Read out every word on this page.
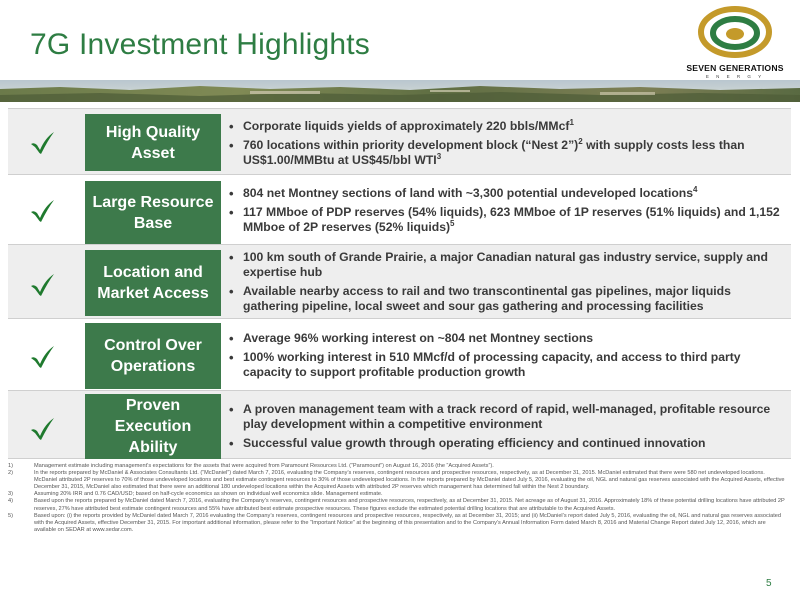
7G Investment Highlights
SEVEN GENERATIONS
E N E R G Y
High Quality Asset
• Corporate liquids yields of approximately 220 bbls/MMcf$^1$
• 760 locations within priority development block (“Nest 2”)$^2$ with supply costs less than US$1.00/MMBtu at US$45/bbl WTI$^3$
Large Resource Base
• 804 net Montney sections of land with ~3,300 potential undeveloped locations$^4$
• 117 MMboe of PDP reserves (54% liquids), 623 MMboe of 1P reserves (51% liquids) and 1,152 MMboe of 2P reserves (52% liquids)$^5$
Location and Market Access
• 100 km south of Grande Prairie, a major Canadian natural gas industry service, supply and expertise hub
• Available nearby access to rail and two transcontinental gas pipelines, major liquids gathering pipeline, local sweet and sour gas gathering and processing facilities
Control Over Operations
• Average 96% working interest on ~804 net Montney sections
• 100% working interest in 510 MMcf/d of processing capacity, and access to third party capacity to support profitable production growth
Proven Execution Ability
• A proven management team with a track record of rapid, well-managed, profitable resource play development within a competitive environment
• Successful value growth through operating efficiency and continued innovation
1)	Management estimate including management’s expectations for the assets that were acquired from Paramount Resources Ltd. (“Paramount”) on August 16, 2016 (the “Acquired Assets”).
2)	In the reports prepared by McDaniel & Associates Consultants Ltd. (“McDaniel”) dated March 7, 2016, evaluating the Company’s reserves, contingent resources and prospective resources, respectively, as at December 31, 2015. McDaniel estimated that there were 580 net undeveloped locations. McDaniel attributed 2P reserves to 70% of those undeveloped locations and best estimate contingent resources to 30% of those undeveloped locations. In the reports prepared by McDaniel dated July 5, 2016, evaluating the oil, NGL and natural gas reserves associated with the Acquired Assets, effective December 31, 2015, McDaniel also estimated that there were an additional 180 undeveloped locations within the Acquired Assets with attributed 2P reserves which management has determined fall within the Nest 2 boundary.
3)	Assuming 20% IRR and 0.76 CAD/USD; based on half-cycle economics as shown on individual well economics slide. Management estimate.
4)	Based upon the reports prepared by McDaniel dated March 7, 2016, evaluating the Company’s reserves, contingent resources and prospective resources, respectively, as at December 31, 2015. Net acreage as of August 31, 2016. Approximately 18% of these potential drilling locations have attributed 2P reserves, 27% have attributed best estimate contingent resources and 55% have attributed best estimate prospective resources. These figures exclude the estimated potential drilling locations that are attributable to the Acquired Assets.
5)	Based upon: (i) the reports provided by McDaniel dated March 7, 2016 evaluating the Company’s reserves, contingent resources and prospective resources, respectively, as at December 31, 2015; and (ii) McDaniel’s report dated July 5, 2016, evaluating the oil, NGL and natural gas reserves associated with the Acquired Assets, effective December 31, 2015. For important additional information, please refer to the “Important Notice” at the beginning of this presentation and to the Company’s Annual Information Form dated March 8, 2016 and Material Change Report dated July 12, 2016, which are available on SEDAR at www.sedar.com.
5
